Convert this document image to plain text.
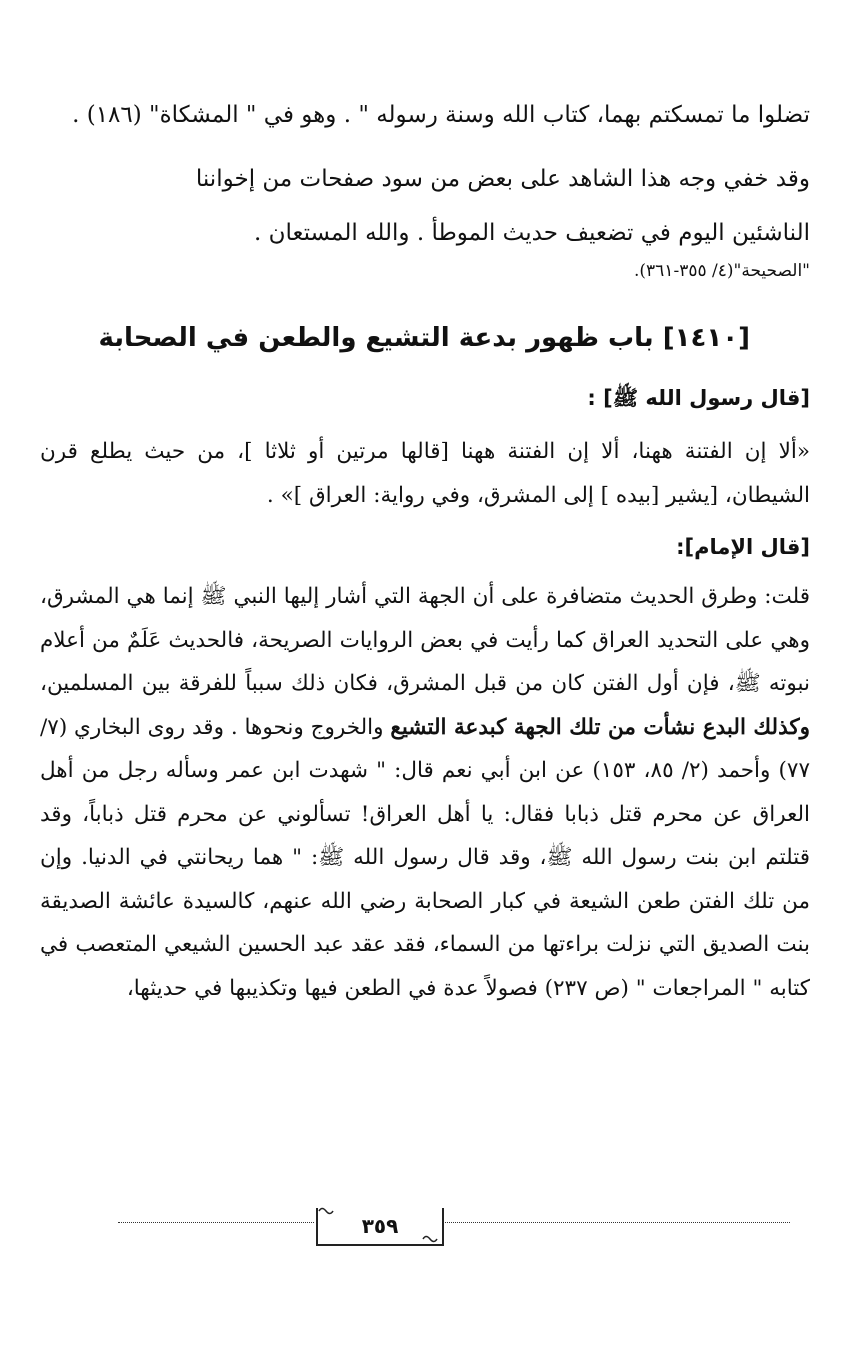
تضلوا ما تمسكتم بهما، كتاب الله وسنة رسوله " . وهو في " المشكاة" (١٨٦) .

وقد خفي وجه هذا الشاهد على بعض من سود صفحات من إخواننا

الناشئين اليوم في تضعيف حديث الموطأ . والله المستعان .

"الصحيحة"(٤/ ٣٥٥-٣٦١).

[١٤١٠] باب ظهور بدعة التشيع والطعن في الصحابة
[قال رسول الله ﷺ] :

«ألا إن الفتنة ههنا، ألا إن الفتنة ههنا [قالها مرتين أو ثلاثا ]، من حيث يطلع قرن الشيطان، [يشير [بيده ] إلى المشرق، وفي رواية: العراق ]» .

[قال الإمام]:

قلت: وطرق الحديث متضافرة على أن الجهة التي أشار إليها النبي ﷺ إنما هي المشرق، وهي على التحديد العراق كما رأيت في بعض الروايات الصريحة، فالحديث عَلَمٌ من أعلام نبوته ﷺ، فإن أول الفتن كان من قبل المشرق، فكان ذلك سبباً للفرقة بين المسلمين، وكذلك البدع نشأت من تلك الجهة كبدعة التشيع والخروج ونحوها . وقد روى البخاري (٧/ ٧٧) وأحمد (٢/ ٨٥، ١٥٣) عن ابن أبي نعم قال: " شهدت ابن عمر وسأله رجل من أهل العراق عن محرم قتل ذبابا فقال: يا أهل العراق! تسألوني عن محرم قتل ذباباً، وقد قتلتم ابن بنت رسول الله ﷺ، وقد قال رسول الله ﷺ: " هما ريحانتي في الدنيا. وإن من تلك الفتن طعن الشيعة في كبار الصحابة رضي الله عنهم، كالسيدة عائشة الصديقة بنت الصديق التي نزلت براءتها من السماء، فقد عقد عبد الحسين الشيعي المتعصب في كتابه " المراجعات " (ص ٢٣٧) فصولاً عدة في الطعن فيها وتكذيبها في حديثها،

٣٥٩
